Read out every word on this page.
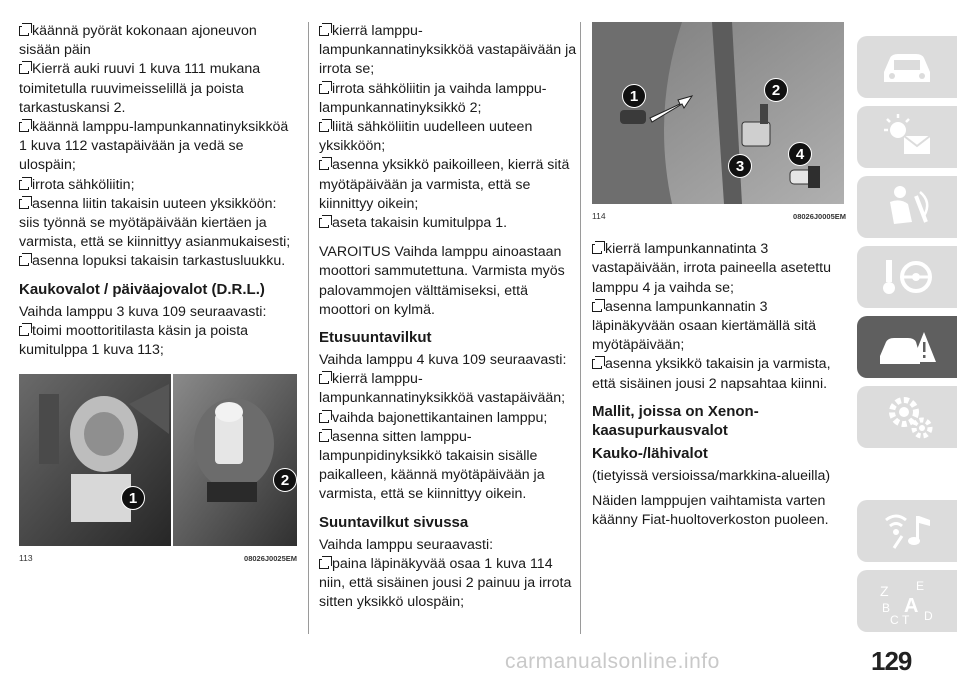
käännä pyörät kokonaan ajoneuvon sisään päin
Kierrä auki ruuvi 1 kuva 111 mukana toimitetulla ruuvimeisselillä ja poista tarkastuskansi 2.
käännä lamppu-lampunkannatinyksikköä 1 kuva 112 vastapäivään ja vedä se ulospäin;
irrota sähköliitin;
asenna liitin takaisin uuteen yksikköön: siis työnnä se myötäpäivään kiertäen ja varmista, että se kiinnittyy asianmukaisesti;
asenna lopuksi takaisin tarkastusluukku.
Kaukovalot / päiväajovalot (D.R.L.)

Vaihda lamppu 3 kuva 109 seuraavasti:

toimi moottoritilasta käsin ja poista kumitulppa 1 kuva 113;
1
2
113	08026J0025EM
kierrä lamppu-lampunkannatinyksikköä vastapäivään ja irrota se;
irrota sähköliitin ja vaihda lamppu-lampunkannatinyksikkö 2;
liitä sähköliitin uudelleen uuteen yksikköön;
asenna yksikkö paikoilleen, kierrä sitä myötäpäivään ja varmista, että se kiinnittyy oikein;
aseta takaisin kumitulppa 1.

VAROITUS Vaihda lamppu ainoastaan moottori sammutettuna. Varmista myös palovammojen välttämiseksi, että moottori on kylmä.

Etusuuntavilkut

Vaihda lamppu 4 kuva 109 seuraavasti:

kierrä lamppu-lampunkannatinyksikköä vastapäivään;
vaihda bajonettikantainen lamppu;
asenna sitten lamppu-lampunpidinyksikkö takaisin sisälle paikalleen, käännä myötäpäivään ja varmista, että se kiinnittyy oikein.
Suuntavilkut sivussa

Vaihda lamppu seuraavasti:

paina läpinäkyvää osaa 1 kuva 114 niin, että sisäinen jousi 2 painuu ja irrota sitten yksikkö ulospäin;
1	2
3
4
114	08026J0005EM
kierrä lampunkannatinta 3 vastapäivään, irrota paineella asetettu lamppu 4 ja vaihda se;
asenna lampunkannatin 3 läpinäkyvään osaan kiertämällä sitä myötäpäivään;
asenna yksikkö takaisin ja varmista, että sisäinen jousi 2 napsahtaa kiinni.
Mallit, joissa on Xenon-kaasupurkausvalot
Kauko-/lähivalot

(tietyissä versioissa/markkina-alueilla)

Näiden lamppujen vaihtamista varten käänny Fiat-huoltoverkoston puoleen.

Z E
B A
C T D
carmanualsonline.info	129
